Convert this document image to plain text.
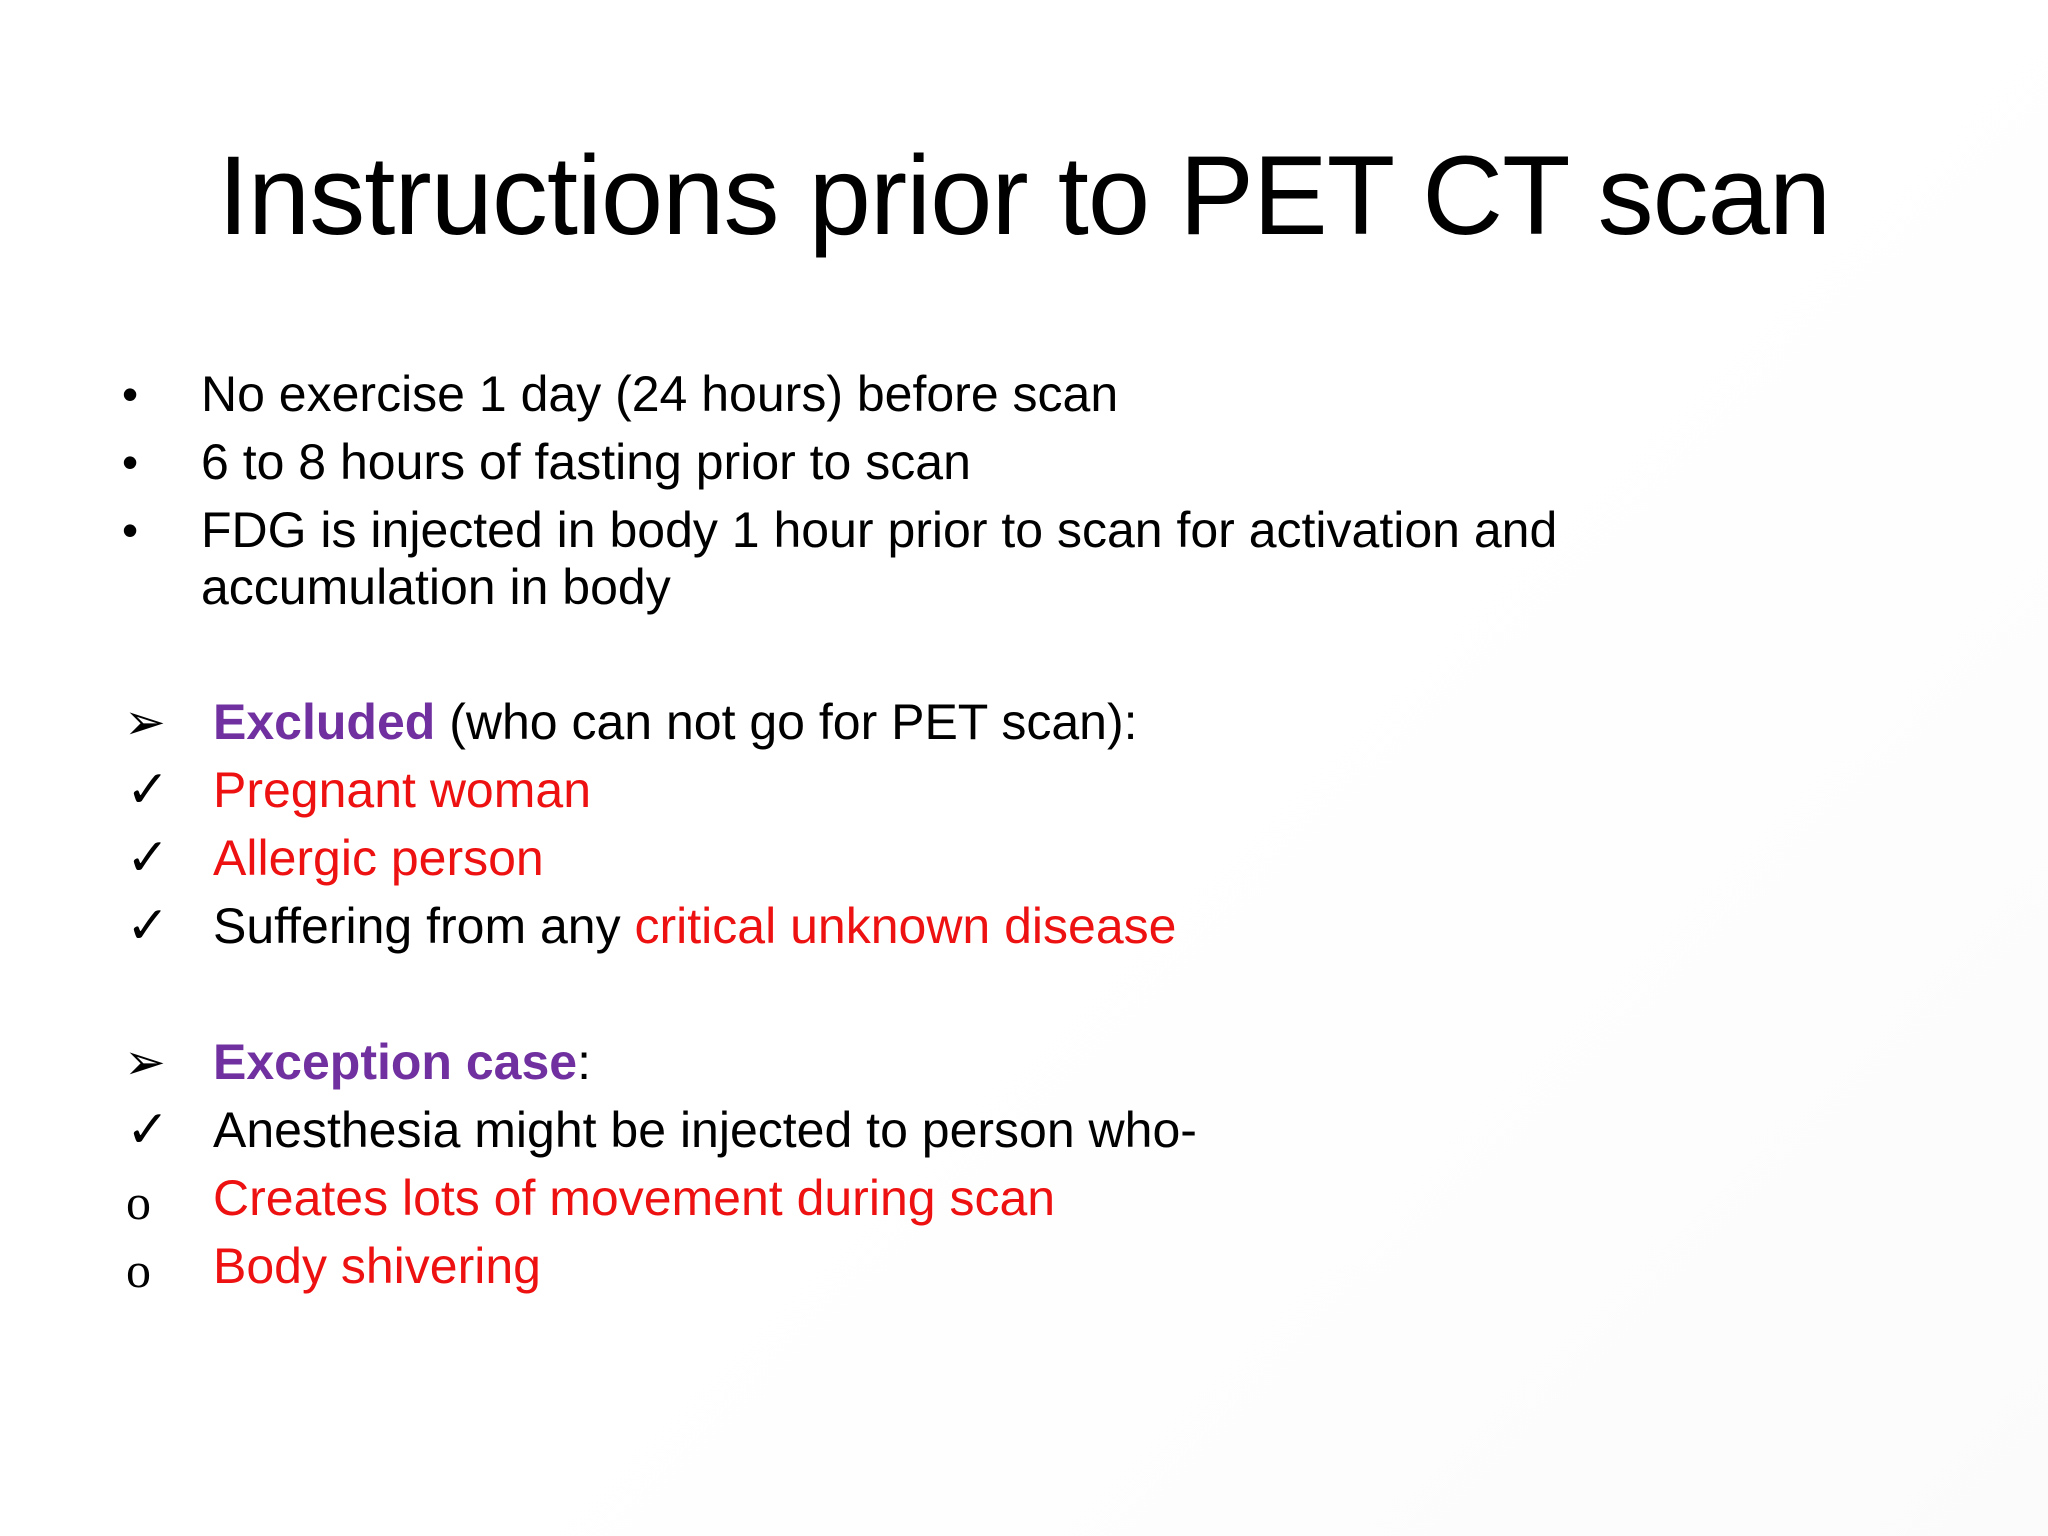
Instructions prior to PET CT scan
•	No exercise 1 day (24 hours) before scan
•	6 to 8 hours of fasting prior to scan
•	FDG is injected in body 1 hour prior to scan for activation and
accumulation in body
➢ Excluded (who can not go for PET scan):
✓ Pregnant woman
✓ Allergic person
✓ Suffering from any critical unknown disease
➢ Exception case:
✓ Anesthesia might be injected to person who-
o	Creates lots of movement during scan
o	Body shivering
